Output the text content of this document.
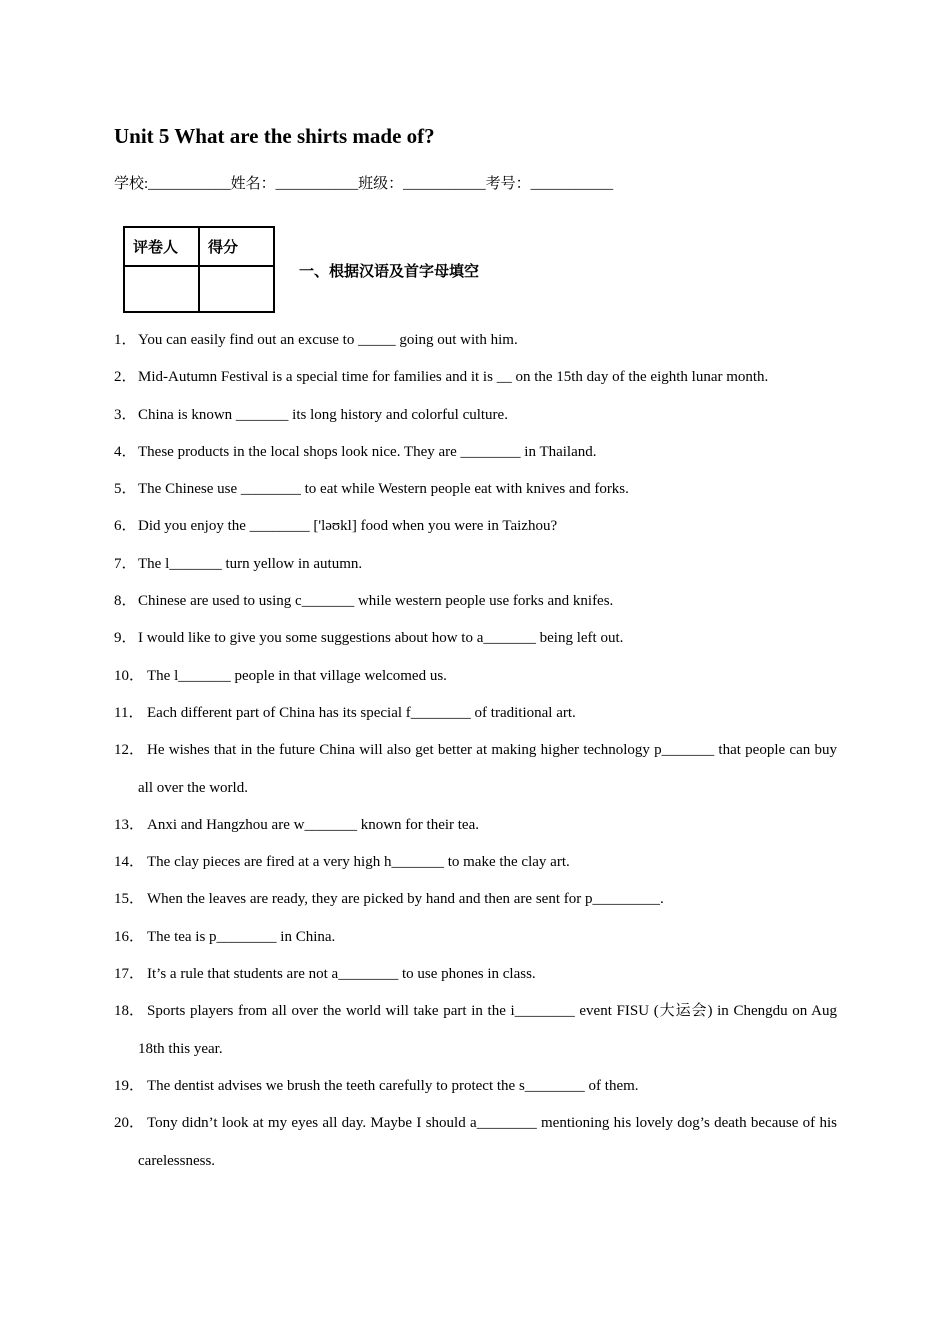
Unit 5 What are the shirts made of?
学校:___________姓名：___________班级：___________考号：___________
评卷人	得分

一、根据汉语及首字母填空
1． You can easily find out an excuse to _____ going out with him.
2． Mid-Autumn Festival is a special time for families and it is __ on the 15th day of the eighth lunar month.
3． China is known _______ its long history and colorful culture.
4． These products in the local shops look nice. They are ________ in Thailand.
5． The Chinese use ________ to eat while Western people eat with knives and forks.
6． Did you enjoy the ________ ['ləʊkl] food when you were in Taizhou?
7． The l_______ turn yellow in autumn.
8． Chinese are used to using c_______ while western people use forks and knifes.
9． I would like to give you some suggestions about how to a_______ being left out.
10． The l_______ people in that village welcomed us.
11． Each different part of China has its special f________ of traditional art.
12． He wishes that in the future China will also get better at making higher technology p_______ that people can buy all over the world.
13． Anxi and Hangzhou are w_______ known for their tea.
14． The clay pieces are fired at a very high h_______ to make the clay art.
15． When the leaves are ready, they are picked by hand and then are sent for p_________.
16． The tea is p________ in China.
17． It’s a rule that students are not a________ to use phones in class.
18． Sports players from all over the world will take part in the i________ event FISU (大运会) in Chengdu on Aug 18th this year.
19． The dentist advises we brush the teeth carefully to protect the s________ of them.
20． Tony didn’t look at my eyes all day. Maybe I should a________ mentioning his lovely dog’s death because of his carelessness.
